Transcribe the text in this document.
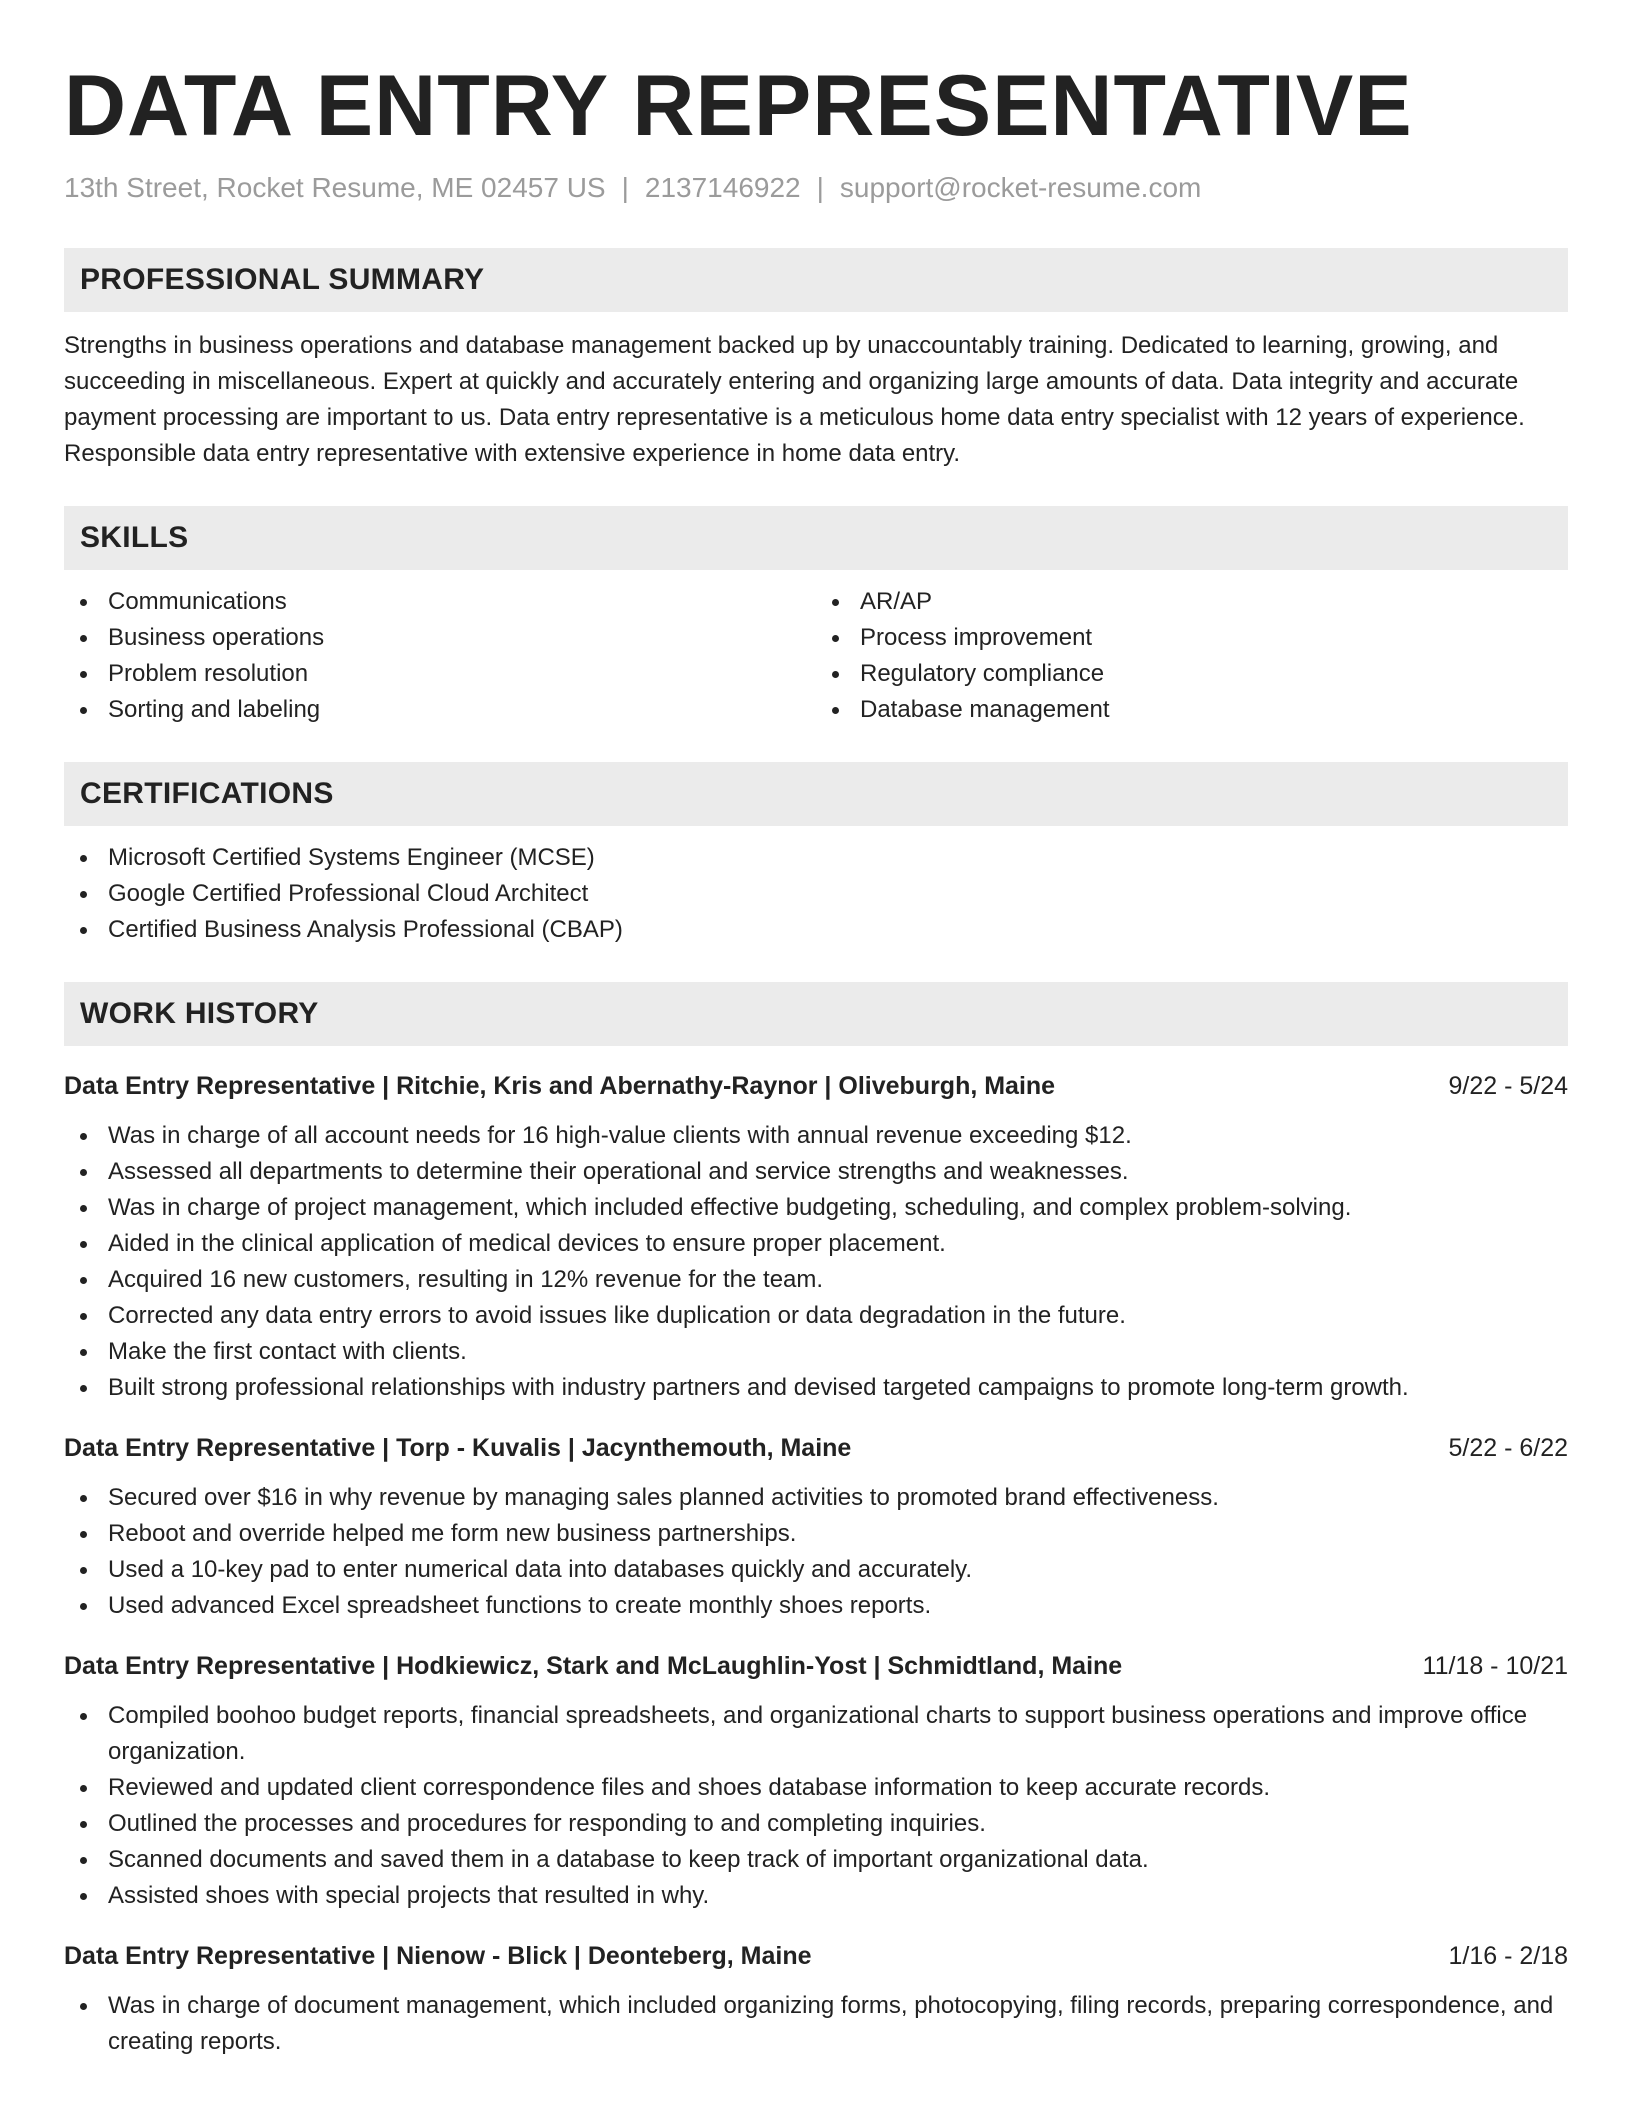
DATA ENTRY REPRESENTATIVE
13th Street, Rocket Resume, ME 02457 US | 2137146922 | support@rocket-resume.com
PROFESSIONAL SUMMARY
Strengths in business operations and database management backed up by unaccountably training. Dedicated to learning, growing, and succeeding in miscellaneous. Expert at quickly and accurately entering and organizing large amounts of data. Data integrity and accurate payment processing are important to us. Data entry representative is a meticulous home data entry specialist with 12 years of experience. Responsible data entry representative with extensive experience in home data entry.
SKILLS
Communications
Business operations
Problem resolution
Sorting and labeling
AR/AP
Process improvement
Regulatory compliance
Database management
CERTIFICATIONS
Microsoft Certified Systems Engineer (MCSE)
Google Certified Professional Cloud Architect
Certified Business Analysis Professional (CBAP)
WORK HISTORY
Data Entry Representative | Ritchie, Kris and Abernathy-Raynor | Oliveburgh, Maine	9/22 - 5/24
Was in charge of all account needs for 16 high-value clients with annual revenue exceeding $12.
Assessed all departments to determine their operational and service strengths and weaknesses.
Was in charge of project management, which included effective budgeting, scheduling, and complex problem-solving.
Aided in the clinical application of medical devices to ensure proper placement.
Acquired 16 new customers, resulting in 12% revenue for the team.
Corrected any data entry errors to avoid issues like duplication or data degradation in the future.
Make the first contact with clients.
Built strong professional relationships with industry partners and devised targeted campaigns to promote long-term growth.
Data Entry Representative | Torp - Kuvalis | Jacynthemouth, Maine	5/22 - 6/22
Secured over $16 in why revenue by managing sales planned activities to promoted brand effectiveness.
Reboot and override helped me form new business partnerships.
Used a 10-key pad to enter numerical data into databases quickly and accurately.
Used advanced Excel spreadsheet functions to create monthly shoes reports.
Data Entry Representative | Hodkiewicz, Stark and McLaughlin-Yost | Schmidtland, Maine	11/18 - 10/21
Compiled boohoo budget reports, financial spreadsheets, and organizational charts to support business operations and improve office organization.
Reviewed and updated client correspondence files and shoes database information to keep accurate records.
Outlined the processes and procedures for responding to and completing inquiries.
Scanned documents and saved them in a database to keep track of important organizational data.
Assisted shoes with special projects that resulted in why.
Data Entry Representative | Nienow - Blick | Deonteberg, Maine	1/16 - 2/18
Was in charge of document management, which included organizing forms, photocopying, filing records, preparing correspondence, and creating reports.
